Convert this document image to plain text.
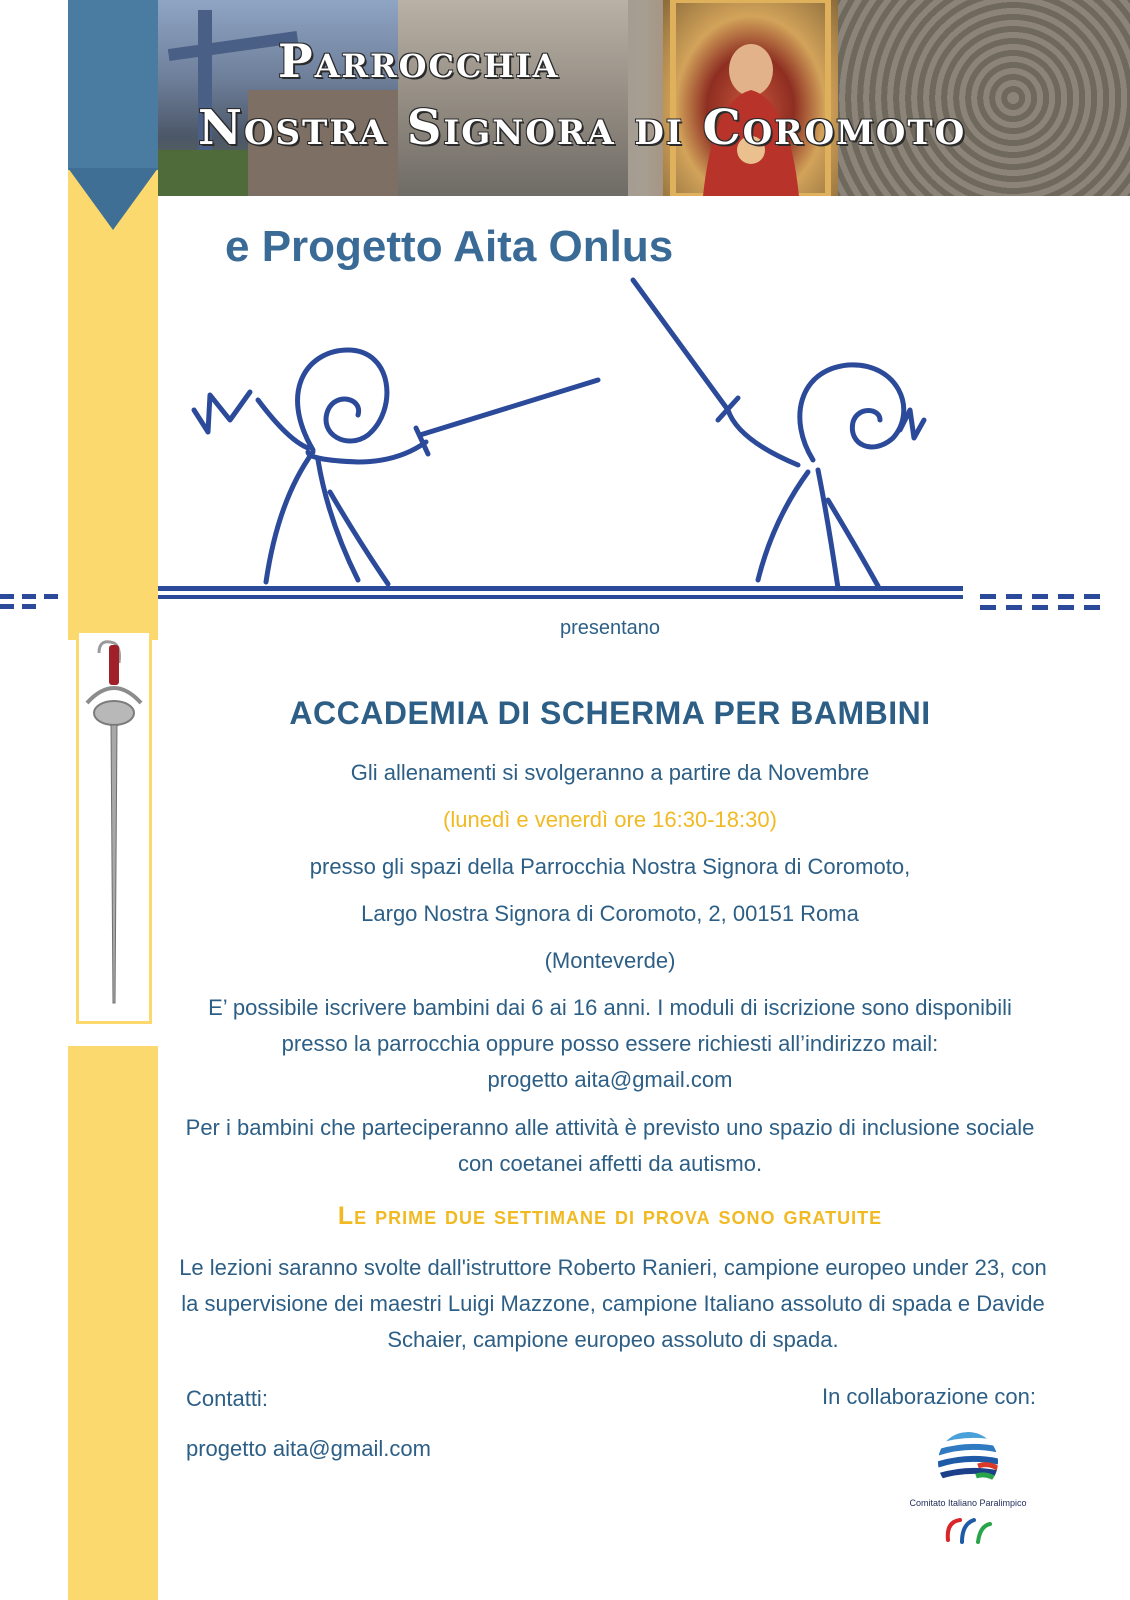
Parrocchia
Nostra Signora di Coromoto
e Progetto Aita Onlus
presentano
ACCADEMIA DI SCHERMA PER BAMBINI
Gli allenamenti si svolgeranno a partire da Novembre
(lunedì e venerdì ore 16:30-18:30)
presso gli spazi della Parrocchia Nostra Signora di Coromoto,
Largo Nostra Signora di Coromoto, 2, 00151 Roma
(Monteverde)
E’ possibile iscrivere bambini dai 6 ai 16 anni. I moduli di iscrizione sono disponibili presso la parrocchia oppure posso essere richiesti all’indirizzo mail:
progetto aita@gmail.com
Per i bambini che parteciperanno alle attività è previsto uno spazio di inclusione sociale con coetanei affetti da autismo.
Le prime due settimane di prova sono gratuite
Le lezioni saranno svolte dall'istruttore Roberto Ranieri, campione europeo under 23, con la supervisione dei maestri Luigi Mazzone, campione Italiano assoluto di spada e Davide Schaier, campione europeo assoluto di spada.
Contatti:
progetto aita@gmail.com
In collaborazione con:
Comitato Italiano Paralimpico
